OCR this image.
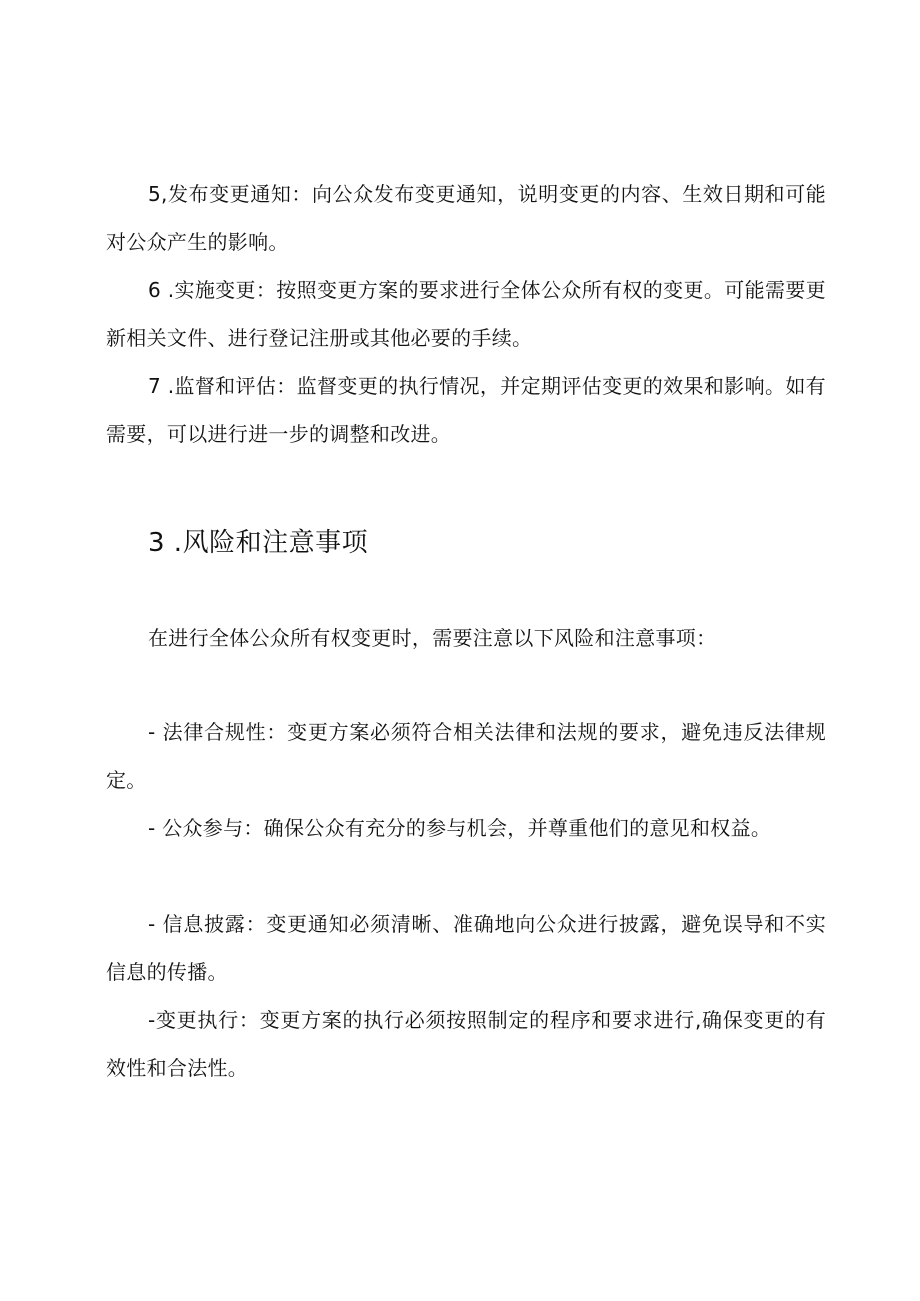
5,发布变更通知：向公众发布变更通知，说明变更的内容、生效日期和可能对公众产生的影响。

6 .实施变更：按照变更方案的要求进行全体公众所有权的变更。可能需要更新相关文件、进行登记注册或其他必要的手续。

7 .监督和评估：监督变更的执行情况，并定期评估变更的效果和影响。如有需要，可以进行进一步的调整和改进。

3 .风险和注意事项

在进行全体公众所有权变更时，需要注意以下风险和注意事项：

- 法律合规性：变更方案必须符合相关法律和法规的要求，避免违反法律规定。

- 公众参与：确保公众有充分的参与机会，并尊重他们的意见和权益。

- 信息披露：变更通知必须清晰、准确地向公众进行披露，避免误导和不实信息的传播。

-变更执行：变更方案的执行必须按照制定的程序和要求进行,确保变更的有效性和合法性。
